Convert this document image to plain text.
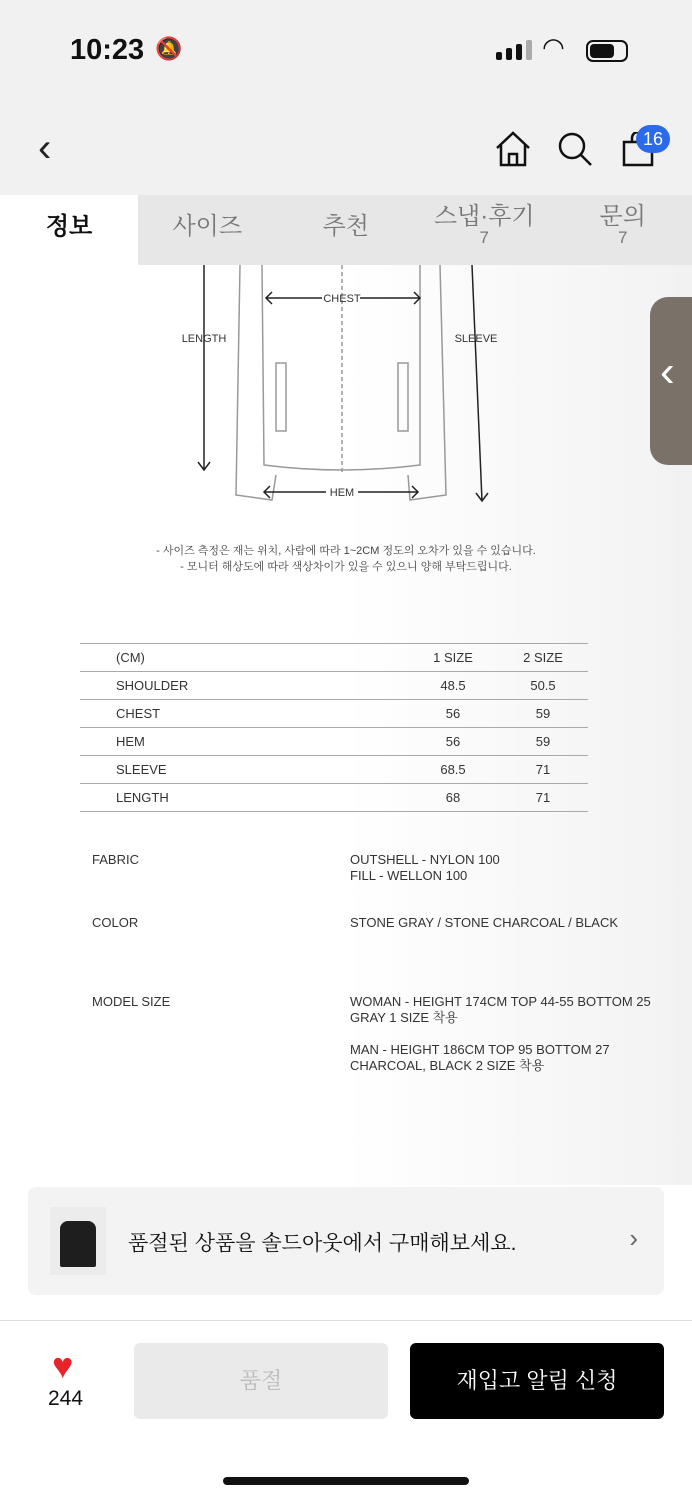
10:23 🔕	◠
‹	16
정보	사이즈	추천	스냅·후기
7
문의
7
CHEST
LENGTH	SLEEVE
HEM
- 사이즈 측정은 재는 위치, 사람에 따라 1~2CM 정도의 오차가 있을 수 있습니다.
- 모니터 해상도에 따라 색상차이가 있을 수 있으니 양해 부탁드립니다.
(CM)	1 SIZE	2 SIZE
SHOULDER	48.5	50.5
CHEST	56	59
HEM	56	59
SLEEVE	68.5	71
LENGTH	68	71
FABRIC	OUTSHELL - NYLON 100
FILL - WELLON 100
COLOR	STONE GRAY / STONE CHARCOAL / BLACK
MODEL SIZE	WOMAN - HEIGHT 174CM TOP 44-55 BOTTOM 25
GRAY 1 SIZE 착용
MAN - HEIGHT 186CM TOP 95 BOTTOM 27
CHARCOAL, BLACK 2 SIZE 착용
‹
품절된 상품을 솔드아웃에서 구매해보세요.	›
♥
244
품절	재입고 알림 신청
